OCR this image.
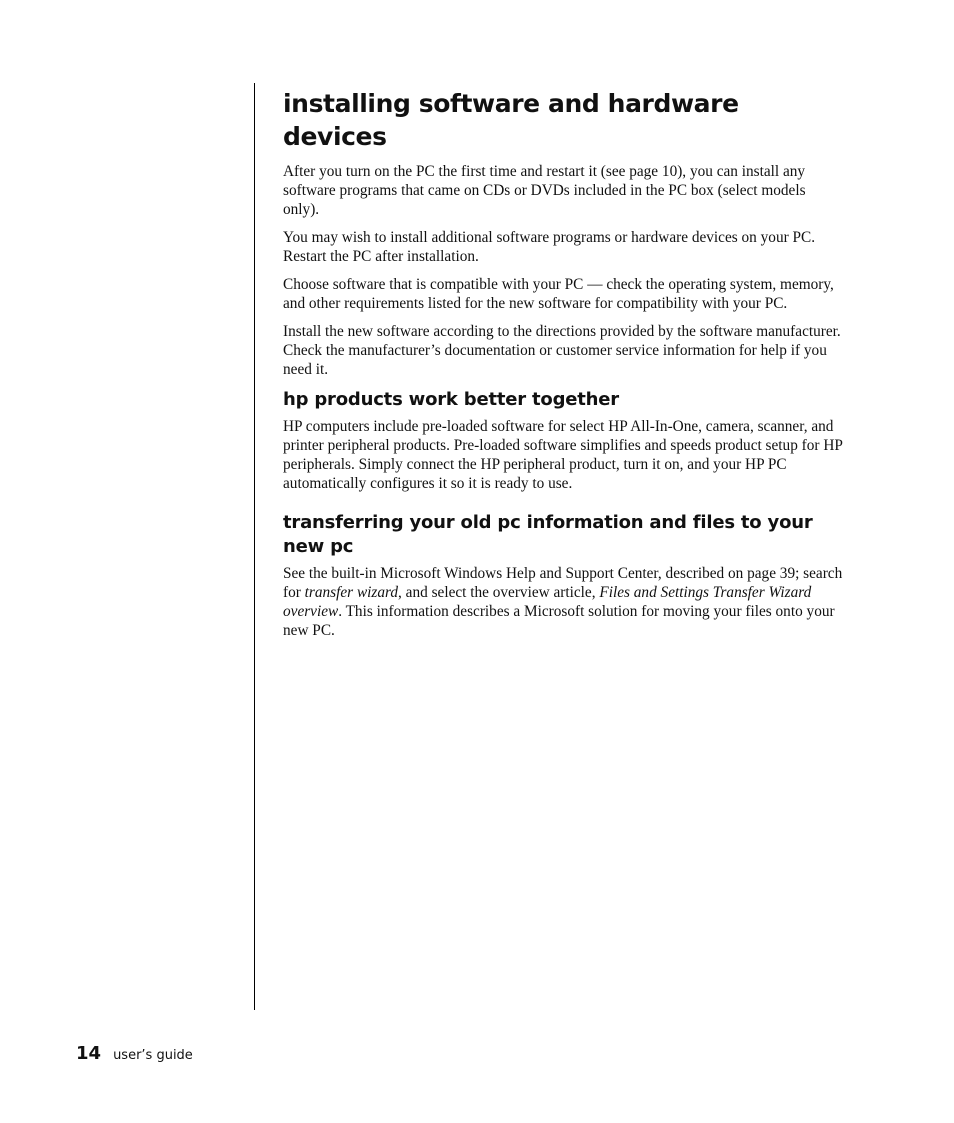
installing software and hardware devices

After you turn on the PC the first time and restart it (see page 10), you can install any software programs that came on CDs or DVDs included in the PC box (select models only).

You may wish to install additional software programs or hardware devices on your PC. Restart the PC after installation.

Choose software that is compatible with your PC — check the operating system, memory, and other requirements listed for the new software for compatibility with your PC.

Install the new software according to the directions provided by the software manufacturer. Check the manufacturer’s documentation or customer service information for help if you need it.

hp products work better together

HP computers include pre-loaded software for select HP All-In-One, camera, scanner, and printer peripheral products. Pre-loaded software simplifies and speeds product setup for HP peripherals. Simply connect the HP peripheral product, turn it on, and your HP PC automatically configures it so it is ready to use.

transferring your old pc information and files to your new pc

See the built-in Microsoft Windows Help and Support Center, described on page 39; search for transfer wizard, and select the overview article, Files and Settings Transfer Wizard overview. This information describes a Microsoft solution for moving your files onto your new PC.

14 user’s guide
